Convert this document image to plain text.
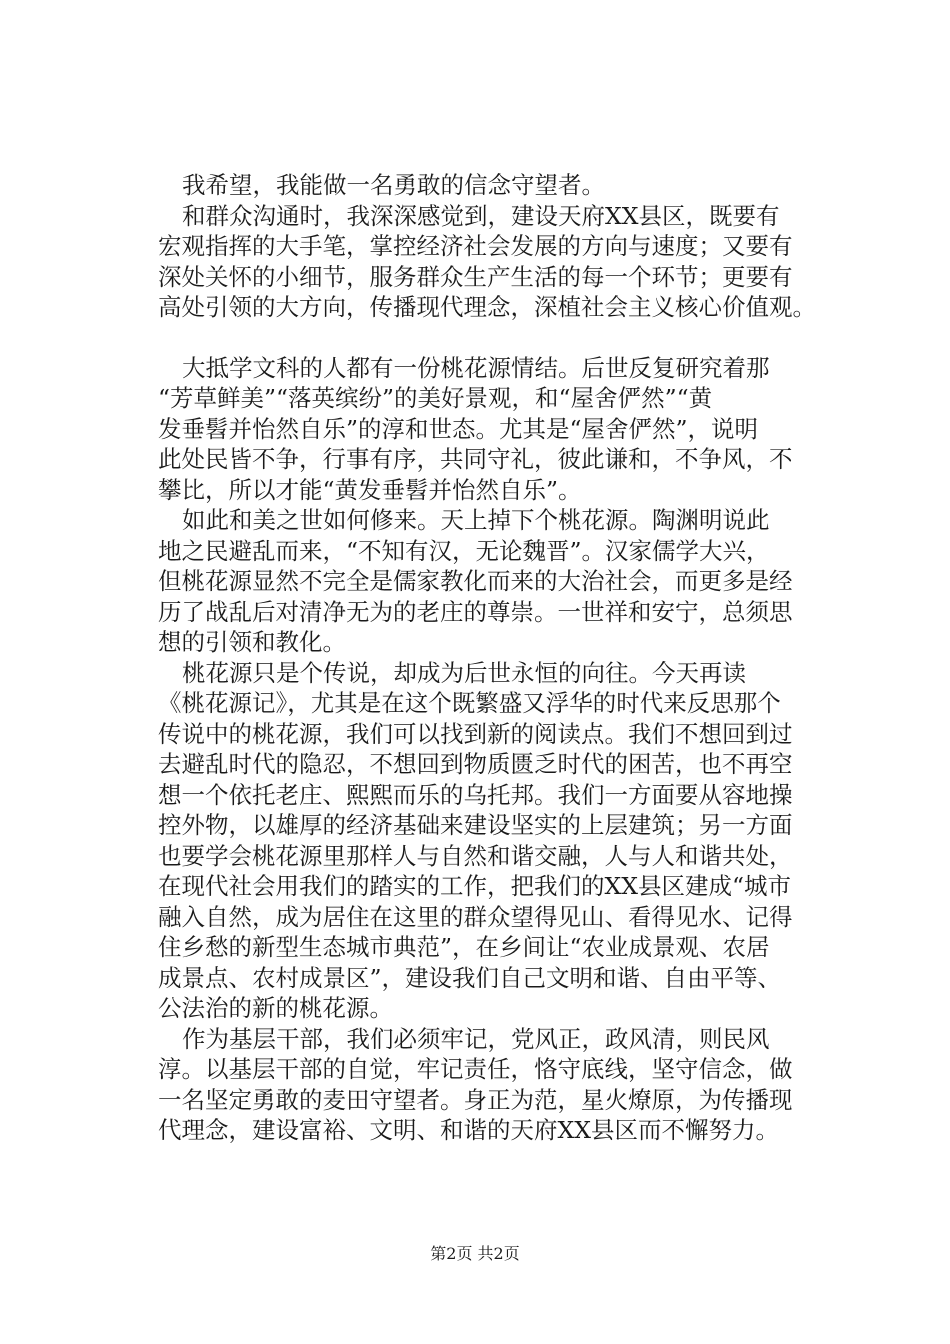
我希望，我能做一名勇敢的信念守望者。
和群众沟通时，我深深感觉到，建设天府XX县区，既要有
宏观指挥的大手笔，掌控经济社会发展的方向与速度；又要有
深处关怀的小细节，服务群众生产生活的每一个环节；更要有
高处引领的大方向，传播现代理念，深植社会主义核心价值观。
大抵学文科的人都有一份桃花源情结。后世反复研究着那
“芳草鲜美”“落英缤纷”的美好景观，和“屋舍俨然”“黄
发垂髫并怡然自乐”的淳和世态。尤其是“屋舍俨然”，说明
此处民皆不争，行事有序，共同守礼，彼此谦和，不争风，不
攀比，所以才能“黄发垂髫并怡然自乐”。
如此和美之世如何修来。天上掉下个桃花源。陶渊明说此
地之民避乱而来，“不知有汉，无论魏晋”。汉家儒学大兴，
但桃花源显然不完全是儒家教化而来的大治社会，而更多是经
历了战乱后对清净无为的老庄的尊崇。一世祥和安宁，总须思
想的引领和教化。
桃花源只是个传说，却成为后世永恒的向往。今天再读
《桃花源记》，尤其是在这个既繁盛又浮华的时代来反思那个
传说中的桃花源，我们可以找到新的阅读点。我们不想回到过
去避乱时代的隐忍，不想回到物质匮乏时代的困苦，也不再空
想一个依托老庄、熙熙而乐的乌托邦。我们一方面要从容地操
控外物，以雄厚的经济基础来建设坚实的上层建筑；另一方面
也要学会桃花源里那样人与自然和谐交融，人与人和谐共处，
在现代社会用我们的踏实的工作，把我们的XX县区建成“城市
融入自然，成为居住在这里的群众望得见山、看得见水、记得
住乡愁的新型生态城市典范”，在乡间让“农业成景观、农居
成景点、农村成景区”，建设我们自己文明和谐、自由平等、
公法治的新的桃花源。
作为基层干部，我们必须牢记，党风正，政风清，则民风
淳。以基层干部的自觉，牢记责任，恪守底线，坚守信念，做
一名坚定勇敢的麦田守望者。身正为范，星火燎原，为传播现
代理念，建设富裕、文明、和谐的天府XX县区而不懈努力。
第2页 共2页
